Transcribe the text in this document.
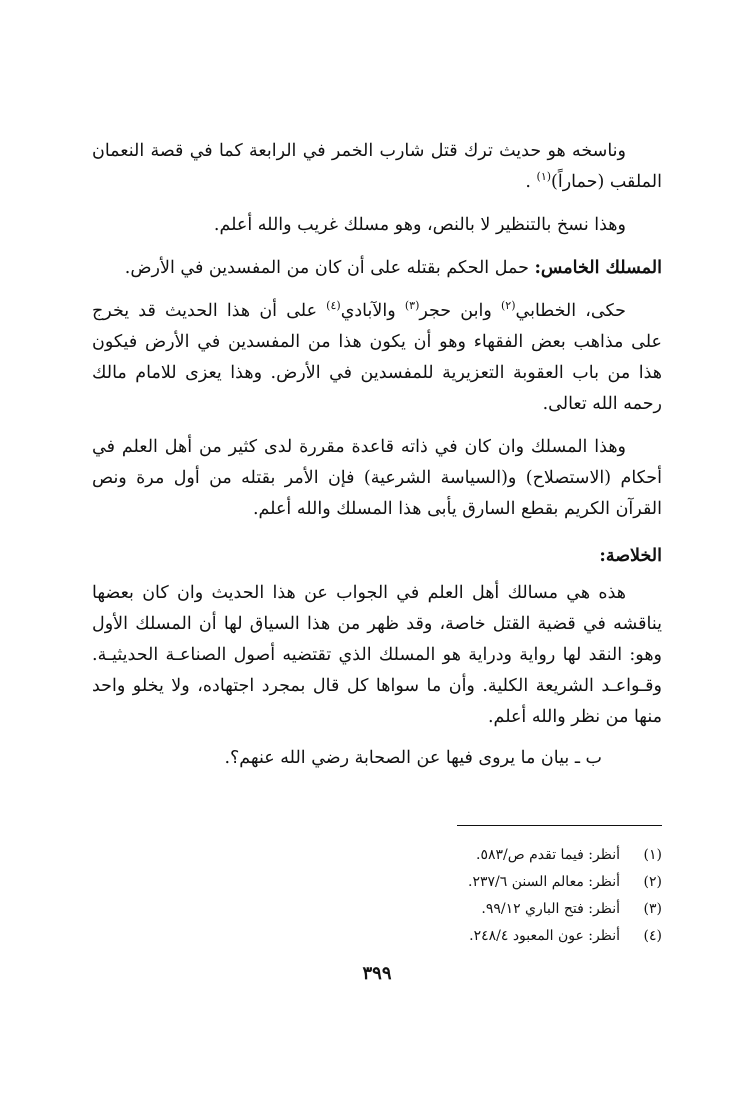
وناسخه هو حديث ترك قتل شارب الخمر في الرابعة كما في قصة النعمان الملقب (حماراً)$^{(١)}$ .

وهذا نسخ بالتنظير لا بالنص، وهو مسلك غريب والله أعلم.

المسلك الخامس: حمل الحكم بقتله على أن كان من المفسدين في الأرض.

حكى، الخطابي$^{(٢)}$ وابن حجر$^{(٣)}$ والآبادي$^{(٤)}$ على أن هذا الحديث قد يخرج على مذاهب بعض الفقهاء وهو أن يكون هذا من المفسدين في الأرض فيكون هذا من باب العقوبة التعزيرية للمفسدين في الأرض. وهذا يعزى للامام مالك رحمه الله تعالى.

وهذا المسلك وان كان في ذاته قاعدة مقررة لدى كثير من أهل العلم في أحكام (الاستصلاح) و(السياسة الشرعية) فإن الأمر بقتله من أول مرة ونص القرآن الكريم بقطع السارق يأبى هذا المسلك والله أعلم.

الخلاصة:

هذه هي مسالك أهل العلم في الجواب عن هذا الحديث وان كان بعضها يناقشه في قضية القتل خاصة، وقد ظهر من هذا السياق لها أن المسلك الأول وهو: النقد لها رواية ودراية هو المسلك الذي تقتضيه أصول الصناعـة الحديثيـة. وقـواعـد الشريعة الكلية. وأن ما سواها كل قال بمجرد اجتهاده، ولا يخلو واحد منها من نظر والله أعلم.

ب ـ بيان ما يروى فيها عن الصحابة رضي الله عنهم؟.

(١)أنظر: فيما تقدم ص/٥٨٣.
(٢)أنظر: معالم السنن ٢٣٧/٦.
(٣)أنظر: فتح الباري ٩٩/١٢.
(٤)أنظر: عون المعبود ٢٤٨/٤.
٣٩٩
